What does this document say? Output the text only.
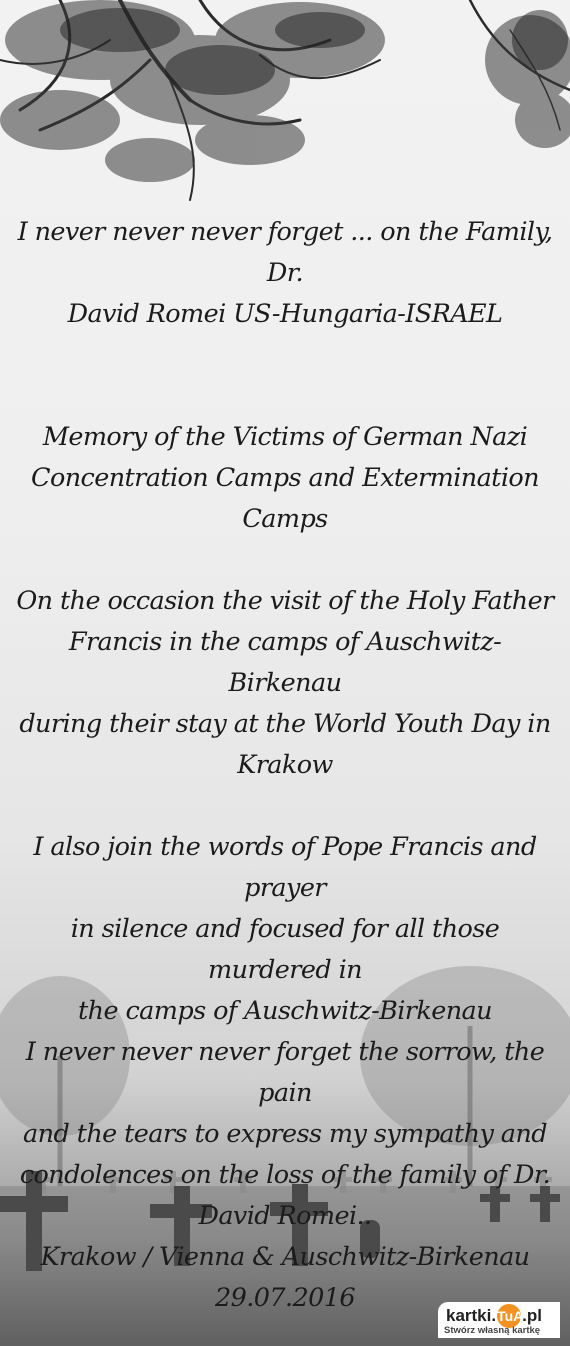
I never never never forget ... on the Family, Dr.

David Romei US-Hungaria-ISRAEL

Memory of the Victims of German Nazi

Concentration Camps and Extermination Camps

On the occasion the visit of the Holy Father

Francis in the camps of Auschwitz-Birkenau

during their stay at the World Youth Day in

Krakow

I also join the words of Pope Francis and prayer

in silence and focused for all those murdered in

the camps of Auschwitz-Birkenau

I never never never forget the sorrow, the pain

and the tears to express my sympathy and

condolences on the loss of the family of Dr.

David Romei..

Krakow / Vienna & Auschwitz-Birkenau

29.07.2016

kartki. TuA
.pl
Stwórz własną kartkę
